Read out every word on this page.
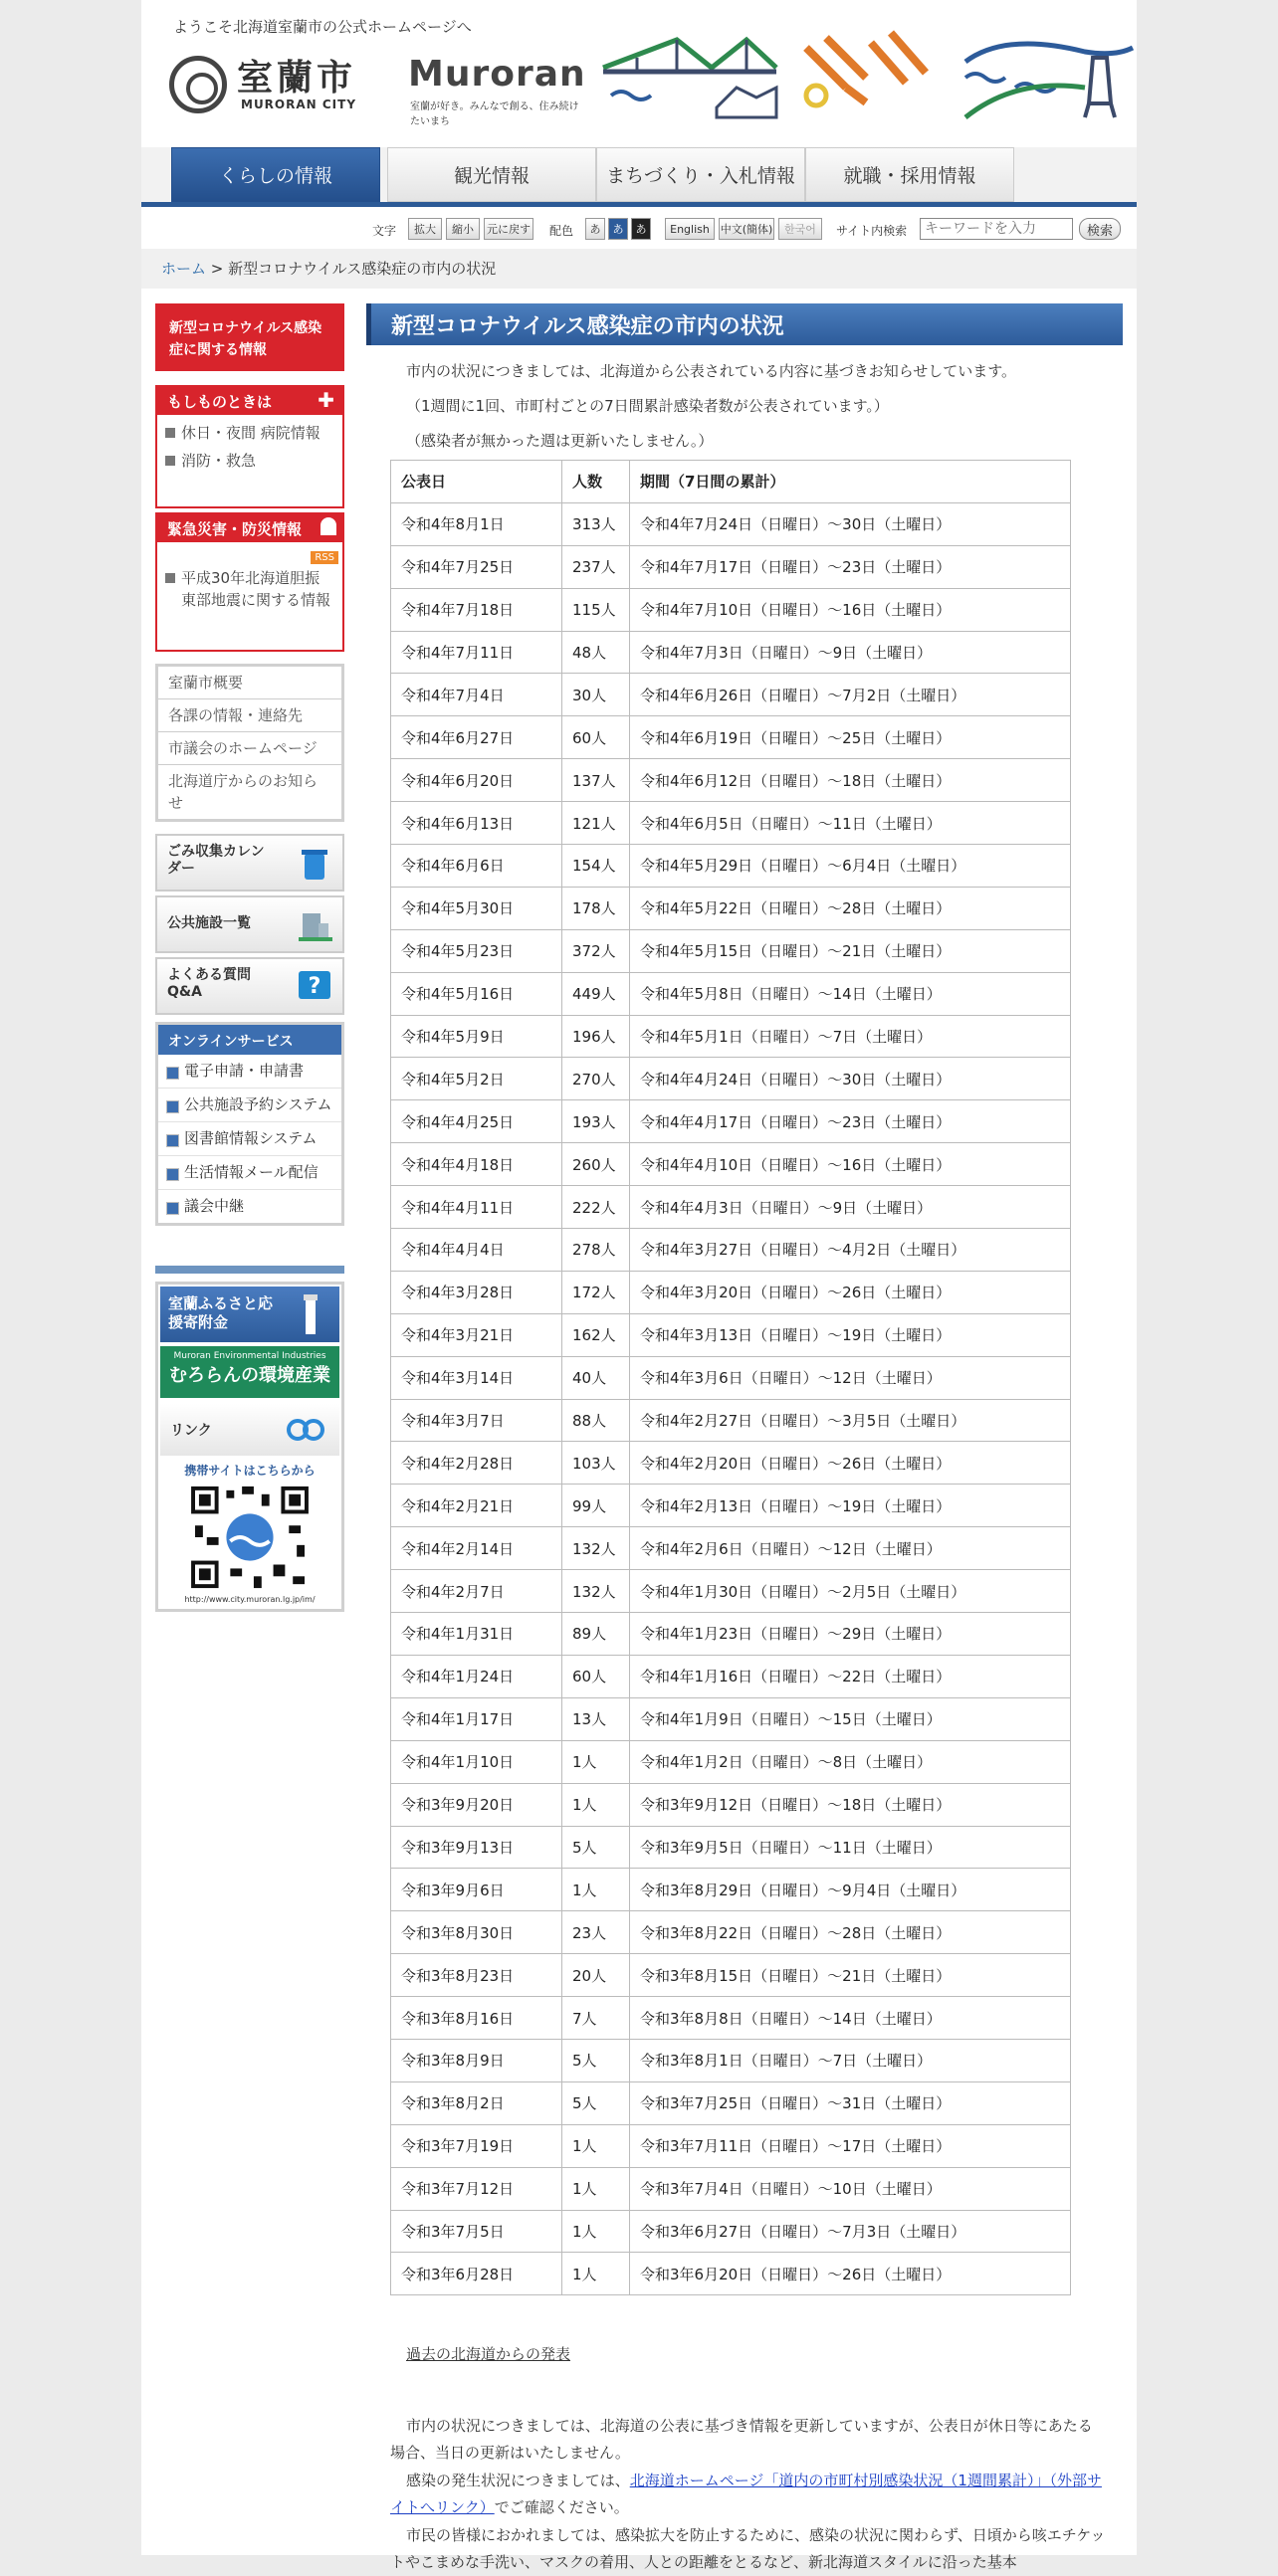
ようこそ北海道室蘭市の公式ホームページへ
室蘭市
MURORAN CITY
Muroran
室蘭が好き。みんなで創る、住み続けたいまち
くらしの情報	観光情報	まちづくり・入札情報	就職・採用情報
文字	拡大	縮小	元に戻す 配色	あ	あ	あ	English 中文(簡体)	한국어	サイト内検索
キーワードを入力	検索
ホーム > 新型コロナウイルス感染症の市内の状況
新型コロナウイルス感染症に関する情報
もしものときは ✚
休日・夜間 病院情報
消防・救急
緊急災害・防災情報
RSS
平成30年北海道胆振東部地震に関する情報
室蘭市概要
各課の情報・連絡先
市議会のホームページ
北海道庁からのお知らせ
ごみ収集カレンダー
公共施設一覧
よくある質問Q&A	?
オンラインサービス
電子申請・申請書
公共施設予約システム
図書館情報システム
生活情報メール配信
議会中継
室蘭ふるさと応援寄附金
Muroran Environmental Industries
むろらんの環境産業
リンク
携帯サイトはこちらから
http://www.city.muroran.lg.jp/im/
新型コロナウイルス感染症の市内の状況

市内の状況につきましては、北海道から公表されている内容に基づきお知らせしています。

（1週間に1回、市町村ごとの7日間累計感染者数が公表されています。）

（感染者が無かった週は更新いたしません。）

公表日	人数	期間（7日間の累計）
令和4年8月1日	313人	令和4年7月24日（日曜日）～30日（土曜日）
令和4年7月25日	237人	令和4年7月17日（日曜日）～23日（土曜日）
令和4年7月18日	115人	令和4年7月10日（日曜日）～16日（土曜日）
令和4年7月11日	48人	令和4年7月3日（日曜日）～9日（土曜日）
令和4年7月4日	30人	令和4年6月26日（日曜日）～7月2日（土曜日）
令和4年6月27日	60人	令和4年6月19日（日曜日）～25日（土曜日）
令和4年6月20日	137人	令和4年6月12日（日曜日）～18日（土曜日）
令和4年6月13日	121人	令和4年6月5日（日曜日）～11日（土曜日）
令和4年6月6日	154人	令和4年5月29日（日曜日）～6月4日（土曜日）
令和4年5月30日	178人	令和4年5月22日（日曜日）～28日（土曜日）
令和4年5月23日	372人	令和4年5月15日（日曜日）～21日（土曜日）
令和4年5月16日	449人	令和4年5月8日（日曜日）～14日（土曜日）
令和4年5月9日	196人	令和4年5月1日（日曜日）～7日（土曜日）
令和4年5月2日	270人	令和4年4月24日（日曜日）～30日（土曜日）
令和4年4月25日	193人	令和4年4月17日（日曜日）～23日（土曜日）
令和4年4月18日	260人	令和4年4月10日（日曜日）～16日（土曜日）
令和4年4月11日	222人	令和4年4月3日（日曜日）～9日（土曜日）
令和4年4月4日	278人	令和4年3月27日（日曜日）～4月2日（土曜日）
令和4年3月28日	172人	令和4年3月20日（日曜日）～26日（土曜日）
令和4年3月21日	162人	令和4年3月13日（日曜日）～19日（土曜日）
令和4年3月14日	40人	令和4年3月6日（日曜日）～12日（土曜日）
令和4年3月7日	88人	令和4年2月27日（日曜日）～3月5日（土曜日）
令和4年2月28日	103人	令和4年2月20日（日曜日）～26日（土曜日）
令和4年2月21日	99人	令和4年2月13日（日曜日）～19日（土曜日）
令和4年2月14日	132人	令和4年2月6日（日曜日）～12日（土曜日）
令和4年2月7日	132人	令和4年1月30日（日曜日）～2月5日（土曜日）
令和4年1月31日	89人	令和4年1月23日（日曜日）～29日（土曜日）
令和4年1月24日	60人	令和4年1月16日（日曜日）～22日（土曜日）
令和4年1月17日	13人	令和4年1月9日（日曜日）～15日（土曜日）
令和4年1月10日	1人	令和4年1月2日（日曜日）～8日（土曜日）
令和3年9月20日	1人	令和3年9月12日（日曜日）～18日（土曜日）
令和3年9月13日	5人	令和3年9月5日（日曜日）～11日（土曜日）
令和3年9月6日	1人	令和3年8月29日（日曜日）～9月4日（土曜日）
令和3年8月30日	23人	令和3年8月22日（日曜日）～28日（土曜日）
令和3年8月23日	20人	令和3年8月15日（日曜日）～21日（土曜日）
令和3年8月16日	7人	令和3年8月8日（日曜日）～14日（土曜日）
令和3年8月9日	5人	令和3年8月1日（日曜日）～7日（土曜日）
令和3年8月2日	5人	令和3年7月25日（日曜日）～31日（土曜日）
令和3年7月19日	1人	令和3年7月11日（日曜日）～17日（土曜日）
令和3年7月12日	1人	令和3年7月4日（日曜日）～10日（土曜日）
令和3年7月5日	1人	令和3年6月27日（日曜日）～7月3日（土曜日）
令和3年6月28日	1人	令和3年6月20日（日曜日）～26日（土曜日）
過去の北海道からの発表

市内の状況につきましては、北海道の公表に基づき情報を更新していますが、公表日が休日等にあたる場合、当日の更新はいたしません。

感染の発生状況につきましては、北海道ホームページ「道内の市町村別感染状況（1週間累計）」（外部サイトへリンク）でご確認ください。

市民の皆様におかれましては、感染拡大を防止するために、感染の状況に関わらず、日頃から咳エチケットやこまめな手洗い、マスクの着用、人との距離をとるなど、新北海道スタイルに沿った基本
